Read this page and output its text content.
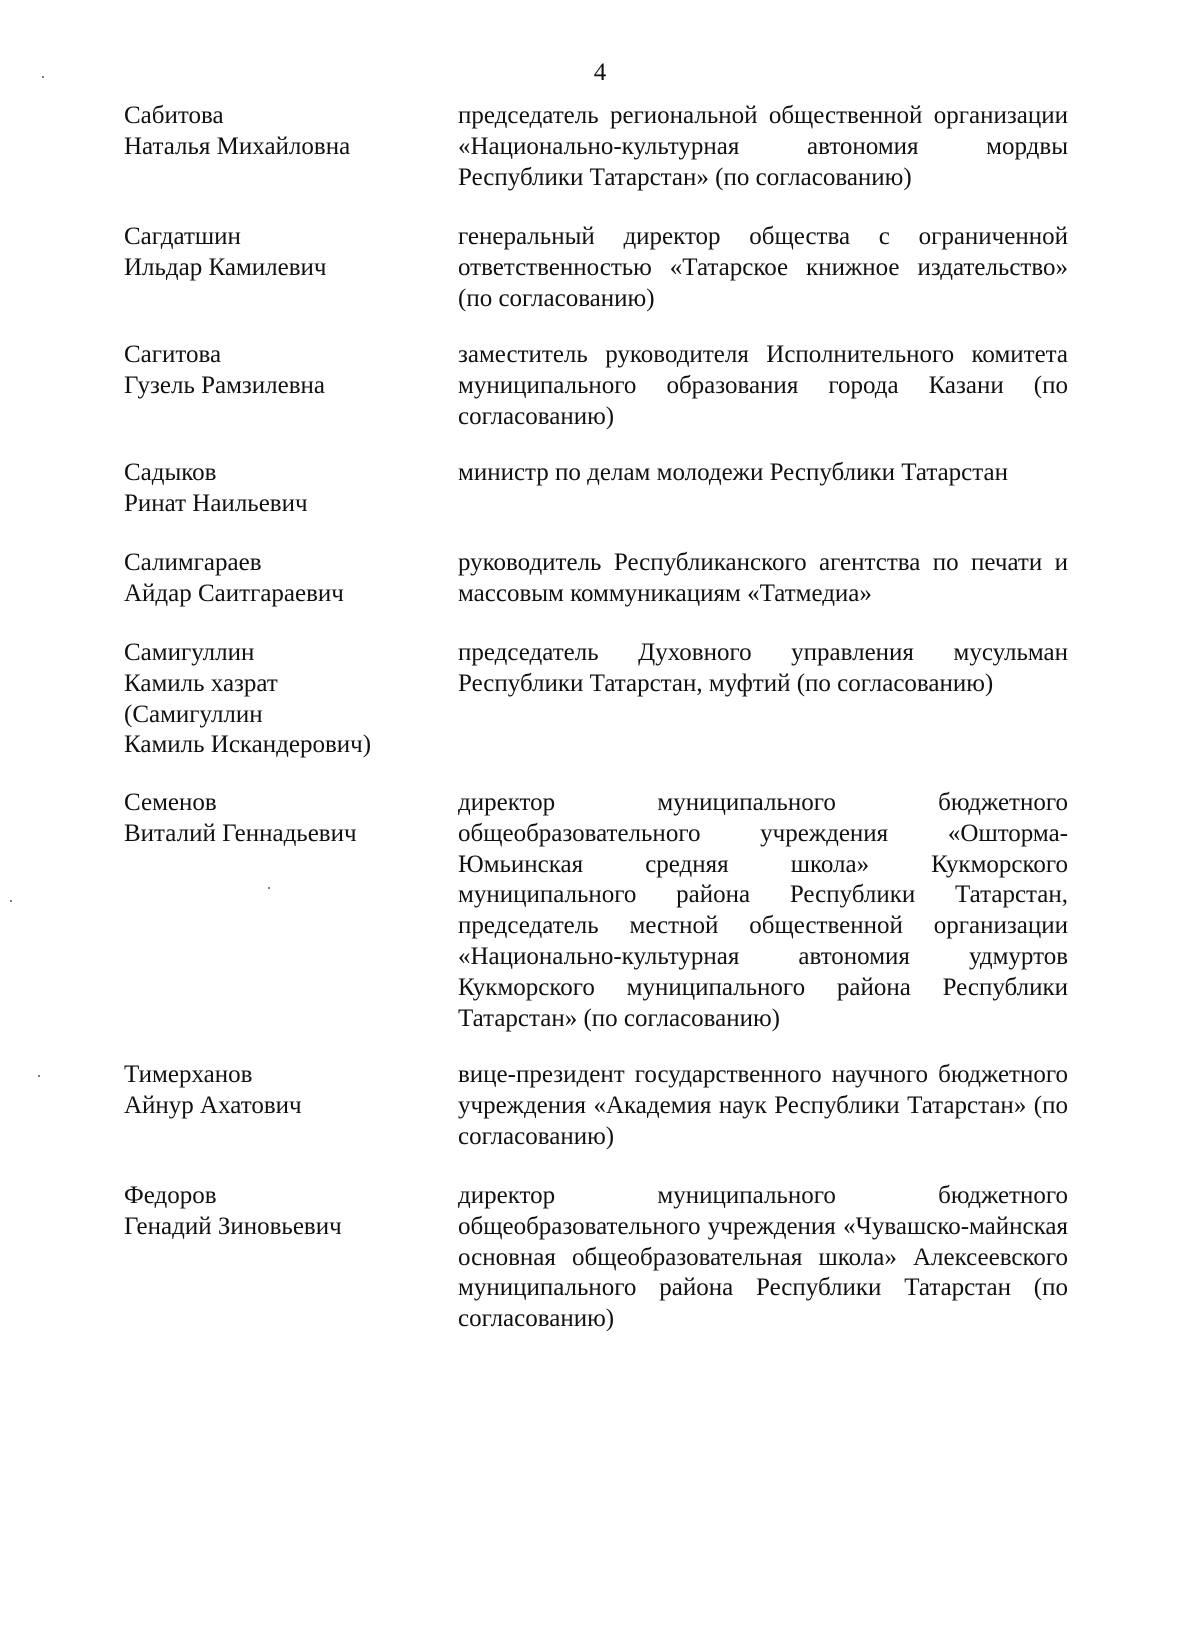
4
Сабитова
Наталья Михайловна
председатель региональной общественной организации «Национально-культурная автономия мордвы Республики Татарстан» (по согласованию)
Сагдатшин
Ильдар Камилевич
генеральный директор общества с ограниченной ответственностью «Татарское книжное издательство» (по согласованию)
Сагитова
Гузель Рамзилевна
заместитель руководителя Исполнительного комитета муниципального образования города Казани (по согласованию)
Садыков
Ринат Наильевич
министр по делам молодежи Республики Татарстан
Салимгараев
Айдар Саитгараевич
руководитель Республиканского агентства по печати и массовым коммуникациям «Татмедиа»
Самигуллин
Камиль хазрат
(Самигуллин
Камиль Искандерович)
председатель Духовного управления мусульман Республики Татарстан, муфтий (по согласованию)
Семенов
Виталий Геннадьевич
директор муниципального бюджетного общеобразовательного учреждения «Ошторма-Юмьинская средняя школа» Кукморского муниципального района Республики Татарстан, председатель местной общественной организации «Национально-культурная автономия удмуртов Кукморского муниципального района Республики Татарстан» (по согласованию)
Тимерханов
Айнур Ахатович
вице-президент государственного научного бюджетного учреждения «Академия наук Республики Татарстан» (по согласованию)
Федоров
Генадий Зиновьевич
директор муниципального бюджетного общеобразовательного учреждения «Чувашско-майнская основная общеобразовательная школа» Алексеевского муниципального района Республики Татарстан (по согласованию)
